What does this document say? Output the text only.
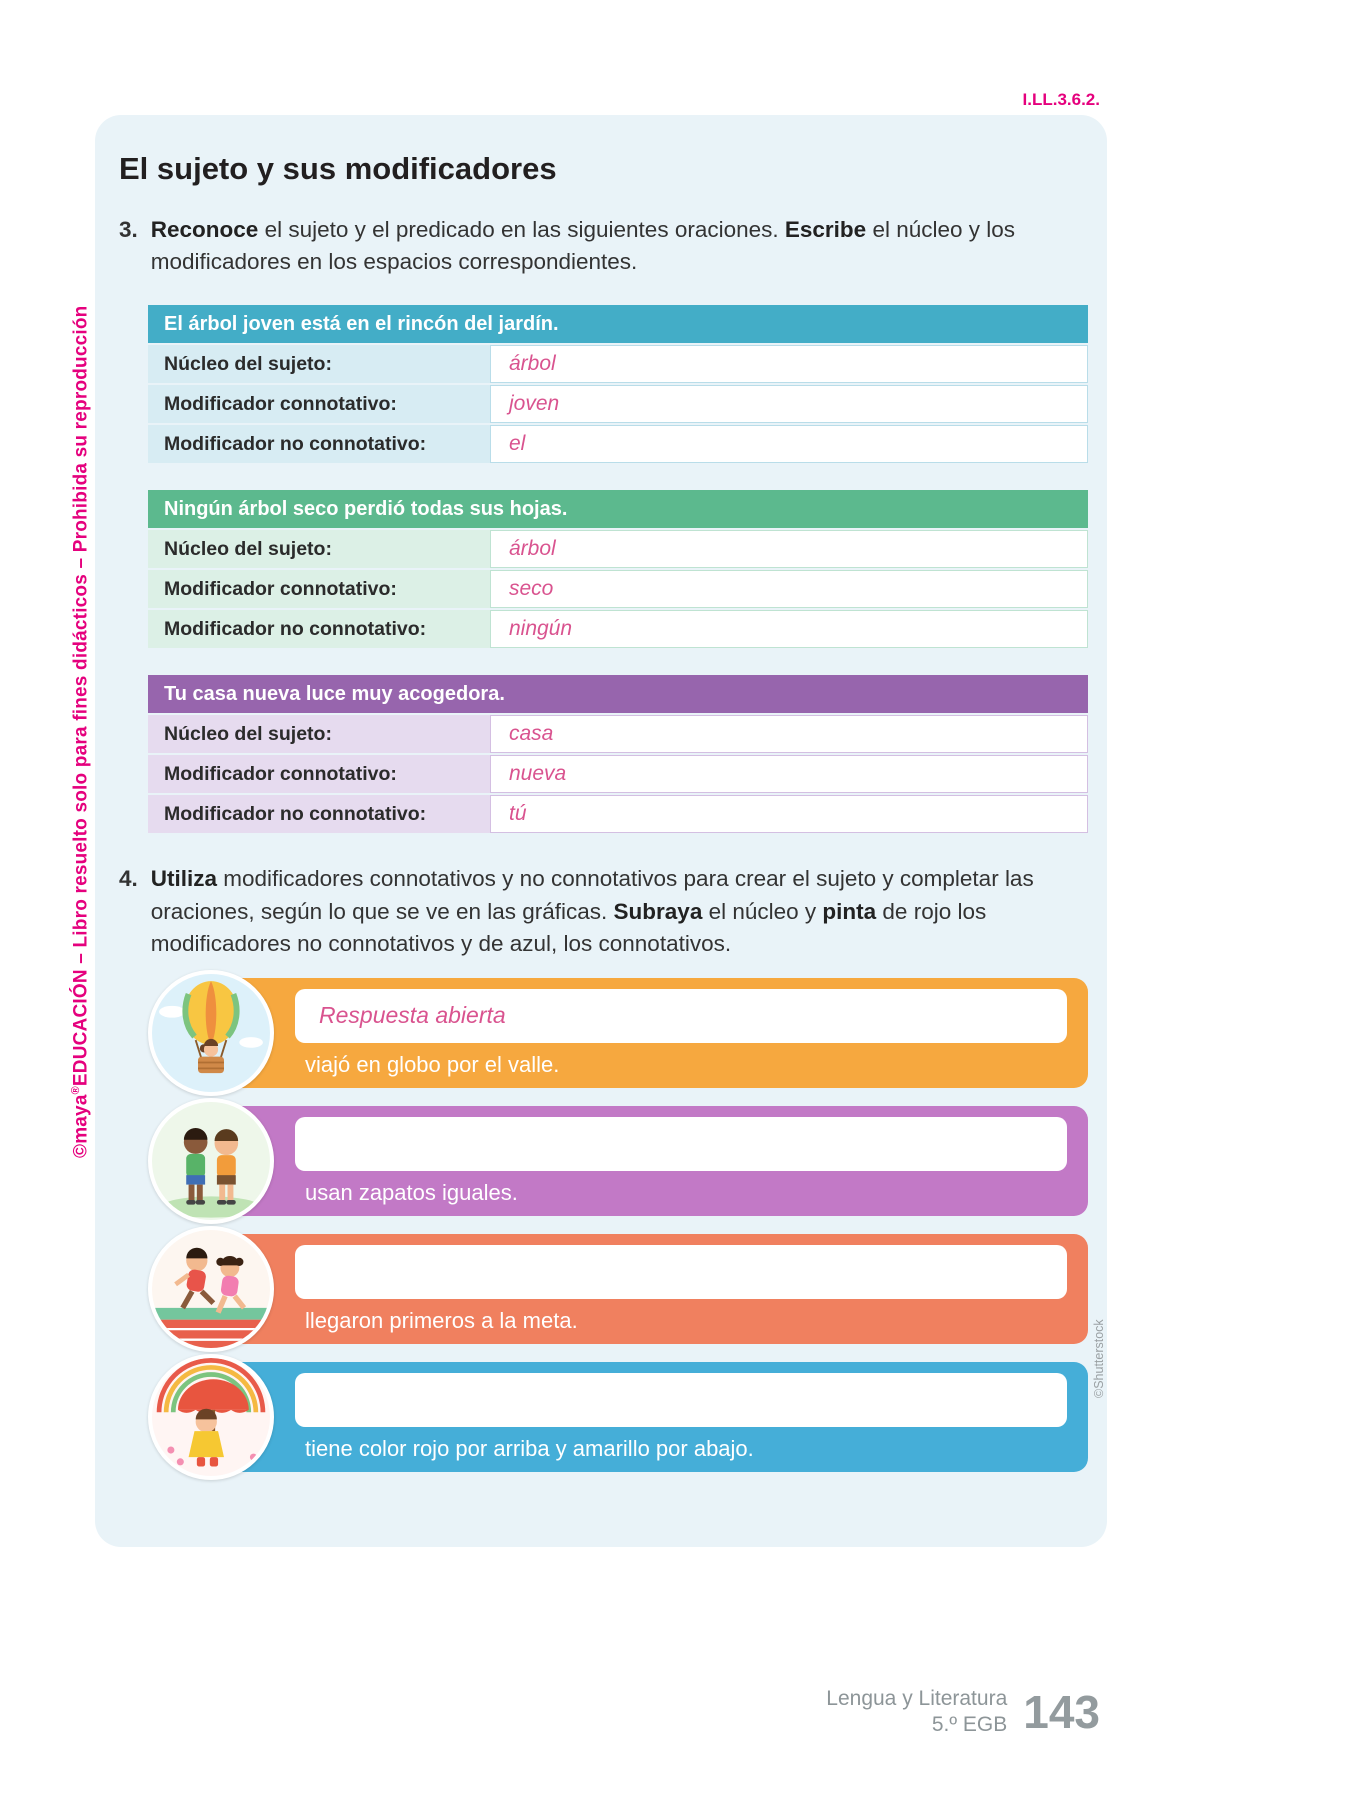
I.LL.3.6.2.
El sujeto y sus modificadores
3. Reconoce el sujeto y el predicado en las siguientes oraciones. Escribe el núcleo y los modificadores en los espacios correspondientes.
El árbol joven está en el rincón del jardín.
Núcleo del sujeto:	árbol
Modificador connotativo:	joven
Modificador no connotativo:	el
Ningún árbol seco perdió todas sus hojas.
Núcleo del sujeto:	árbol
Modificador connotativo:	seco
Modificador no connotativo:	ningún
Tu casa nueva luce muy acogedora.
Núcleo del sujeto:	casa
Modificador connotativo:	nueva
Modificador no connotativo:	tú
4. Utiliza modificadores connotativos y no connotativos para crear el sujeto y completar las oraciones, según lo que se ve en las gráficas. Subraya el núcleo y pinta de rojo los modificadores no connotativos y de azul, los connotativos.
Respuesta abierta
viajó en globo por el valle.
usan zapatos iguales.
llegaron primeros a la meta.
tiene color rojo por arriba y amarillo por abajo.
©maya®EDUCACIÓN – Libro resuelto solo para fines didácticos – Prohibida su reproducción
©Shutterstock
Lengua y Literatura
5.º EGB 143
